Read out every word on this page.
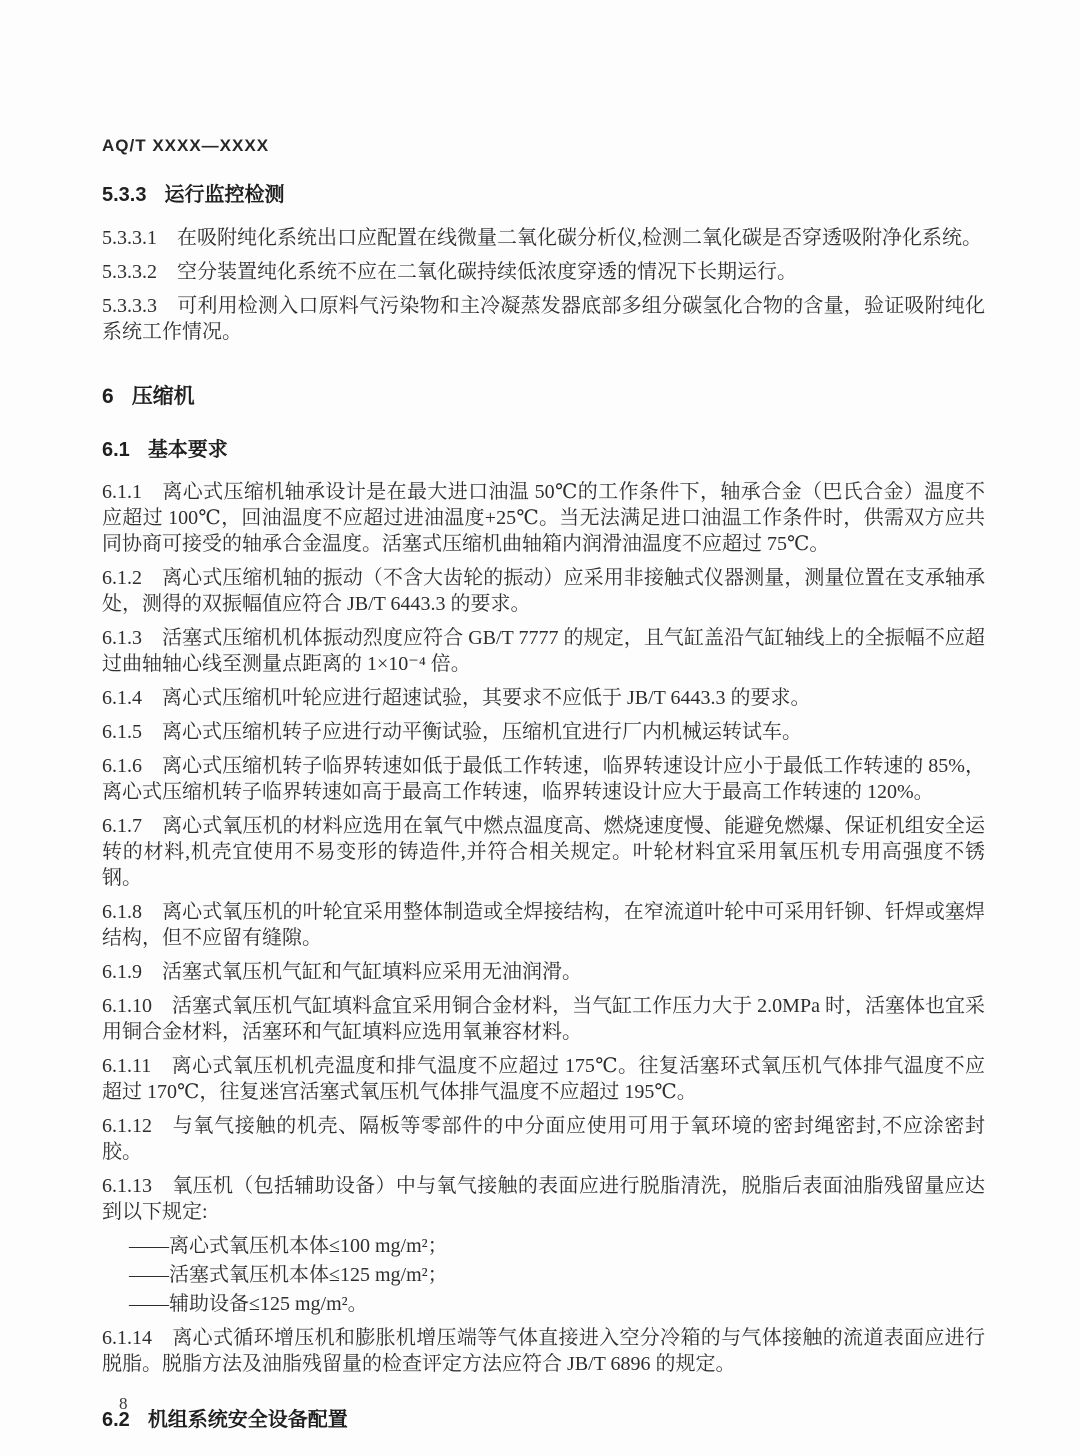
AQ/T XXXX—XXXX
5.3.3 运行监控检测

5.3.3.1 在吸附纯化系统出口应配置在线微量二氧化碳分析仪,检测二氧化碳是否穿透吸附净化系统。

5.3.3.2 空分装置纯化系统不应在二氧化碳持续低浓度穿透的情况下长期运行。

5.3.3.3 可利用检测入口原料气污染物和主冷凝蒸发器底部多组分碳氢化合物的含量，验证吸附纯化系统工作情况。

6 压缩机
6.1 基本要求

6.1.1 离心式压缩机轴承设计是在最大进口油温 50℃的工作条件下，轴承合金（巴氏合金）温度不应超过 100℃，回油温度不应超过进油温度+25℃。当无法满足进口油温工作条件时，供需双方应共同协商可接受的轴承合金温度。活塞式压缩机曲轴箱内润滑油温度不应超过 75℃。

6.1.2 离心式压缩机轴的振动（不含大齿轮的振动）应采用非接触式仪器测量，测量位置在支承轴承处，测得的双振幅值应符合 JB/T 6443.3 的要求。

6.1.3 活塞式压缩机机体振动烈度应符合 GB/T 7777 的规定，且气缸盖沿气缸轴线上的全振幅不应超过曲轴轴心线至测量点距离的 1×10⁻⁴ 倍。

6.1.4 离心式压缩机叶轮应进行超速试验，其要求不应低于 JB/T 6443.3 的要求。

6.1.5 离心式压缩机转子应进行动平衡试验，压缩机宜进行厂内机械运转试车。

6.1.6 离心式压缩机转子临界转速如低于最低工作转速，临界转速设计应小于最低工作转速的 85%，离心式压缩机转子临界转速如高于最高工作转速，临界转速设计应大于最高工作转速的 120%。

6.1.7 离心式氧压机的材料应选用在氧气中燃点温度高、燃烧速度慢、能避免燃爆、保证机组安全运转的材料,机壳宜使用不易变形的铸造件,并符合相关规定。叶轮材料宜采用氧压机专用高强度不锈钢。

6.1.8 离心式氧压机的叶轮宜采用整体制造或全焊接结构，在窄流道叶轮中可采用钎铆、钎焊或塞焊结构，但不应留有缝隙。

6.1.9 活塞式氧压机气缸和气缸填料应采用无油润滑。

6.1.10 活塞式氧压机气缸填料盒宜采用铜合金材料，当气缸工作压力大于 2.0MPa 时，活塞体也宜采用铜合金材料，活塞环和气缸填料应选用氧兼容材料。

6.1.11 离心式氧压机机壳温度和排气温度不应超过 175℃。往复活塞环式氧压机气体排气温度不应超过 170℃，往复迷宫活塞式氧压机气体排气温度不应超过 195℃。

6.1.12 与氧气接触的机壳、隔板等零部件的中分面应使用可用于氧环境的密封绳密封,不应涂密封胶。

6.1.13 氧压机（包括辅助设备）中与氧气接触的表面应进行脱脂清洗，脱脂后表面油脂残留量应达到以下规定:

——离心式氧压机本体≤100 mg/m²；
——活塞式氧压机本体≤125 mg/m²；
——辅助设备≤125 mg/m²。

6.1.14 离心式循环增压机和膨胀机增压端等气体直接进入空分冷箱的与气体接触的流道表面应进行脱脂。脱脂方法及油脂残留量的检查评定方法应符合 JB/T 6896 的规定。

6.2 机组系统安全设备配置
8
